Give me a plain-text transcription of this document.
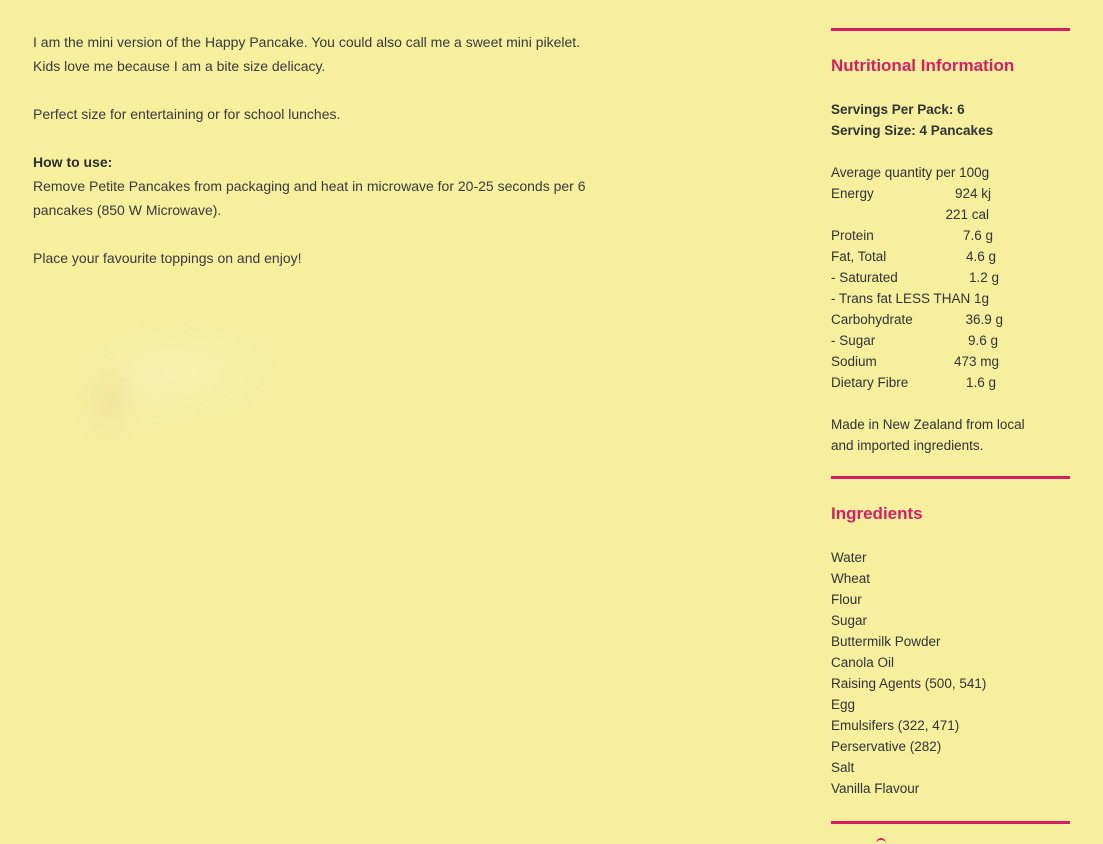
I am the mini version of the Happy Pancake. You could also call me a sweet mini pikelet.
Kids love me because I am a bite size delicacy.

Perfect size for entertaining or for school lunches.

How to use:
Remove Petite Pancakes from packaging and heat in microwave for 20-25 seconds per 6
pancakes (850 W Microwave).

Place your favourite toppings on and enjoy!

Nutritional Information
Servings Per Pack: 6
Serving Size: 4 Pancakes
Average quantity per 100g
Energy	924 kj
221 cal
Protein	7.6 g
Fat, Total	4.6 g
- Saturated	1.2 g
- Trans fat LESS THAN 1g
Carbohydrate	36.9 g
- Sugar	9.6 g
Sodium	473 mg
Dietary Fibre	1.6 g
Made in New Zealand from local
and imported ingredients.
Ingredients
Water
Wheat
Flour
Sugar
Buttermilk Powder
Canola Oil
Raising Agents (500, 541)
Egg
Emulsifers (322, 471)
Perservative (282)
Salt
Vanilla Flavour
